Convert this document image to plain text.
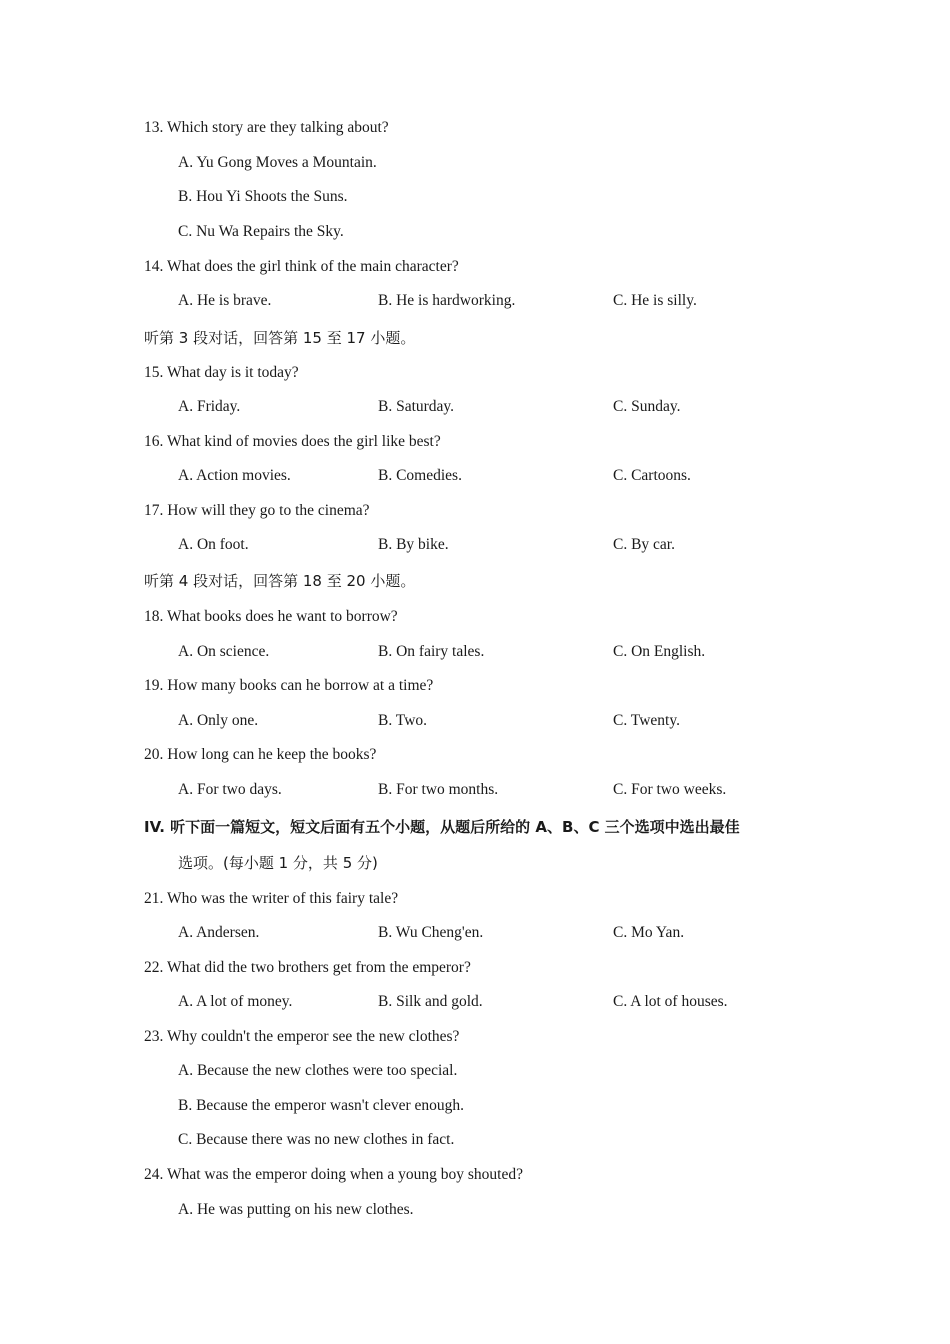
13. Which story are they talking about?
A. Yu Gong Moves a Mountain.
B. Hou Yi Shoots the Suns.
C. Nu Wa Repairs the Sky.
14. What does the girl think of the main character?
A. He is brave.	B. He is hardworking.	C. He is silly.
听第 3 段对话，回答第 15 至 17 小题。
15. What day is it today?
A. Friday.	B. Saturday.	C. Sunday.
16. What kind of movies does the girl like best?
A. Action movies.	B. Comedies.	C. Cartoons.
17. How will they go to the cinema?
A. On foot.	B. By bike.	C. By car.
听第 4 段对话，回答第 18 至 20 小题。
18. What books does he want to borrow?
A. On science.	B. On fairy tales.	C. On English.
19. How many books can he borrow at a time?
A. Only one.	B. Two.	C. Twenty.
20. How long can he keep the books?
A. For two days.	B. For two months.	C. For two weeks.
IV. 听下面一篇短文，短文后面有五个小题，从题后所给的 A、B、C 三个选项中选出最佳
选项。(每小题 1 分，共 5 分)
21. Who was the writer of this fairy tale?
A. Andersen.	B. Wu Cheng'en.	C. Mo Yan.
22. What did the two brothers get from the emperor?
A. A lot of money.	B. Silk and gold.	C. A lot of houses.
23. Why couldn't the emperor see the new clothes?
A. Because the new clothes were too special.
B. Because the emperor wasn't clever enough.
C. Because there was no new clothes in fact.
24. What was the emperor doing when a young boy shouted?
A. He was putting on his new clothes.
